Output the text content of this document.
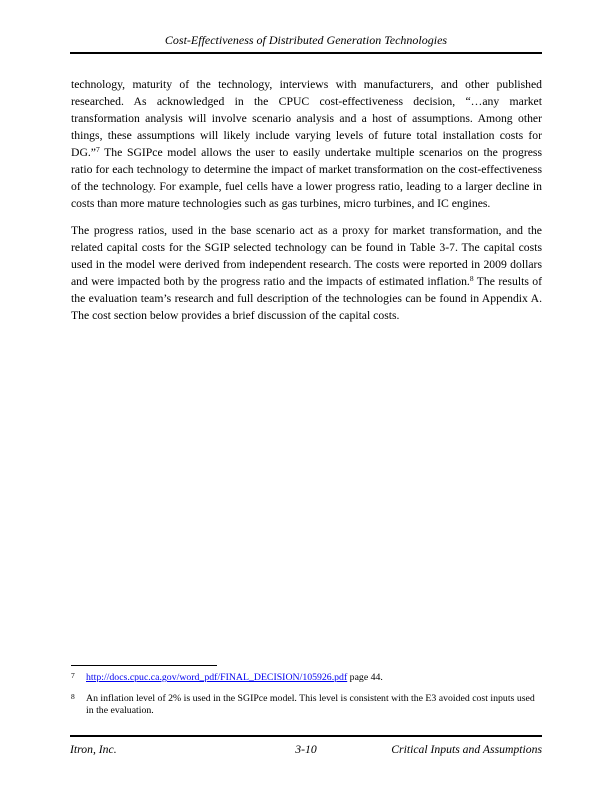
Cost-Effectiveness of Distributed Generation Technologies

technology, maturity of the technology, interviews with manufacturers, and other published researched. As acknowledged in the CPUC cost-effectiveness decision, “…any market transformation analysis will involve scenario analysis and a host of assumptions. Among other things, these assumptions will likely include varying levels of future total installation costs for DG.”$^7$ The SGIPce model allows the user to easily undertake multiple scenarios on the progress ratio for each technology to determine the impact of market transformation on the cost-effectiveness of the technology. For example, fuel cells have a lower progress ratio, leading to a larger decline in costs than more mature technologies such as gas turbines, micro turbines, and IC engines.

The progress ratios, used in the base scenario act as a proxy for market transformation, and the related capital costs for the SGIP selected technology can be found in Table 3-7. The capital costs used in the model were derived from independent research. The costs were reported in 2009 dollars and were impacted both by the progress ratio and the impacts of estimated inflation.$^8$ The results of the evaluation team’s research and full description of the technologies can be found in Appendix A. The cost section below provides a brief discussion of the capital costs.

7 http://docs.cpuc.ca.gov/word_pdf/FINAL_DECISION/105926.pdf page 44.
8 An inflation level of 2% is used in the SGIPce model. This level is consistent with the E3 avoided cost inputs used in the evaluation.
Itron, Inc.	3-10	Critical Inputs and Assumptions
